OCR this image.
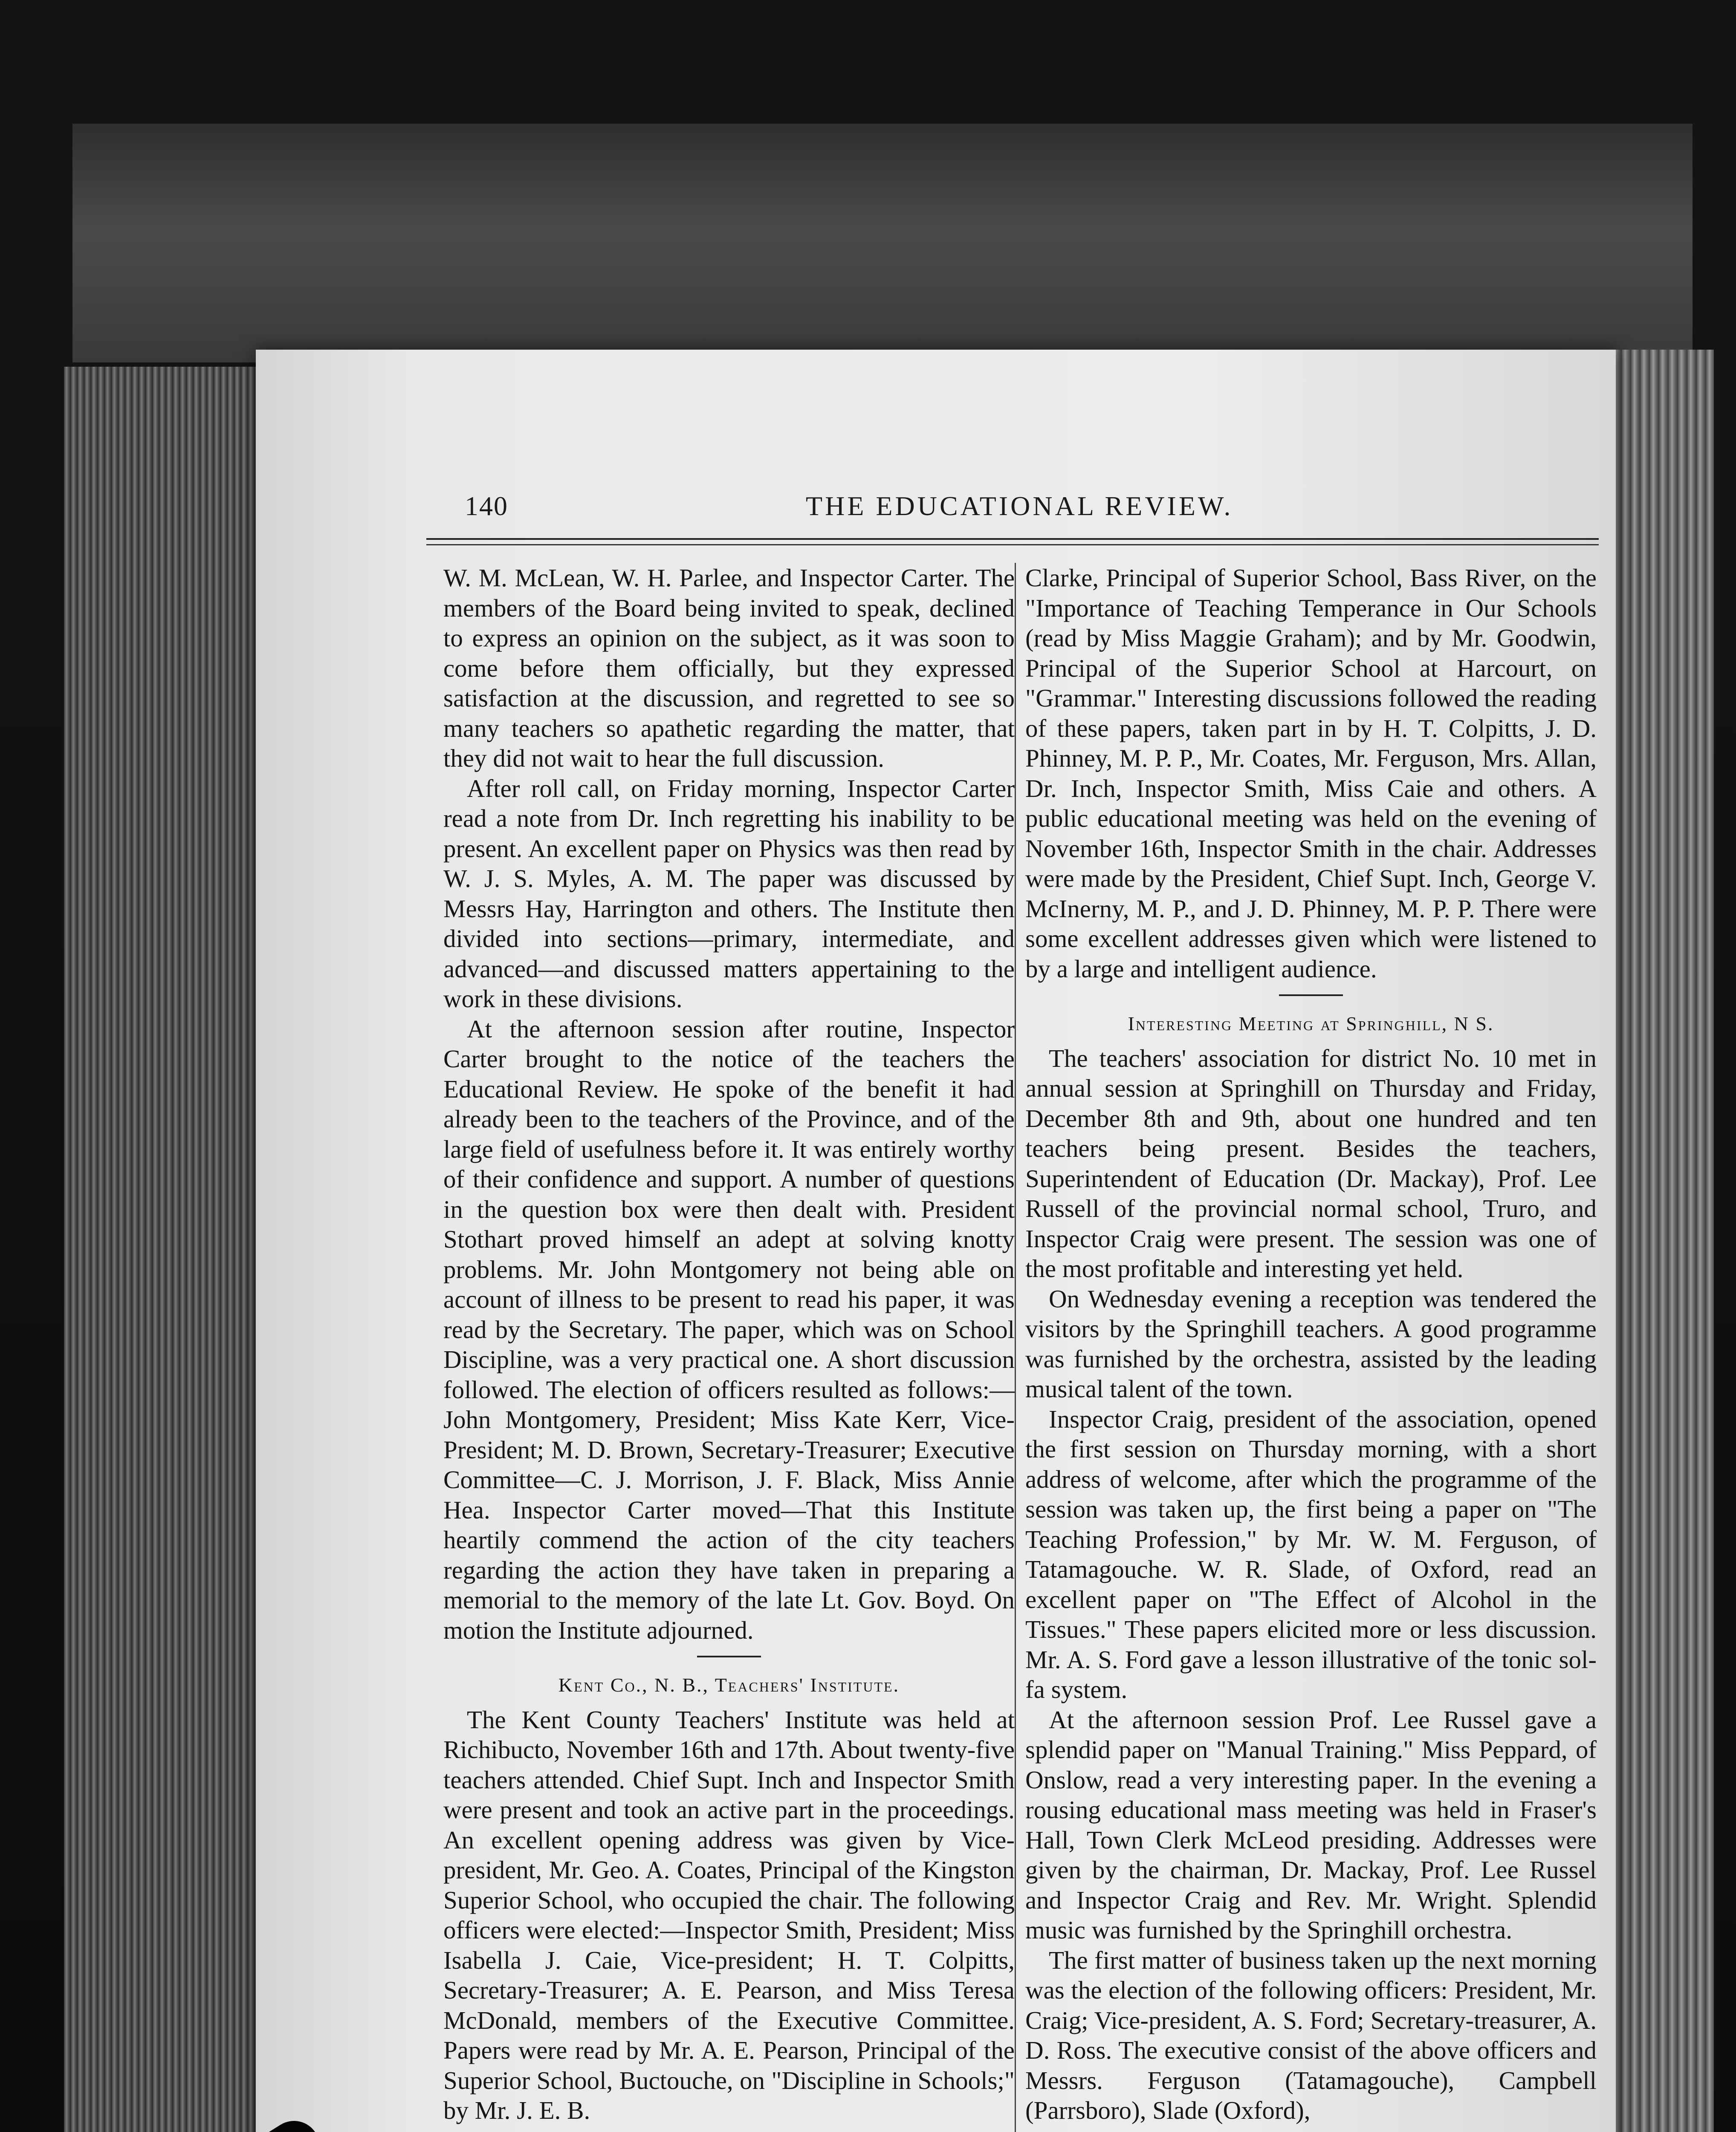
140	THE EDUCATIONAL REVIEW.

W. M. McLean, W. H. Parlee, and Inspector Carter. The members of the Board being invited to speak, declined to express an opinion on the subject, as it was soon to come before them officially, but they expressed satisfaction at the discussion, and regretted to see so many teachers so apathetic regarding the matter, that they did not wait to hear the full discussion.

After roll call, on Friday morning, Inspector Carter read a note from Dr. Inch regretting his inability to be present. An excellent paper on Physics was then read by W. J. S. Myles, A. M. The paper was discussed by Messrs Hay, Harrington and others. The Institute then divided into sections—primary, intermediate, and advanced—and discussed matters appertaining to the work in these divisions.

At the afternoon session after routine, Inspector Carter brought to the notice of the teachers the Educational Review. He spoke of the benefit it had already been to the teachers of the Province, and of the large field of usefulness before it. It was entirely worthy of their confidence and support. A number of questions in the question box were then dealt with. President Stothart proved himself an adept at solving knotty problems. Mr. John Montgomery not being able on account of illness to be present to read his paper, it was read by the Secretary. The paper, which was on School Discipline, was a very practical one. A short discussion followed. The election of officers resulted as follows:—John Montgomery, President; Miss Kate Kerr, Vice-President; M. D. Brown, Secretary-Treasurer; Executive Committee—C. J. Morrison, J. F. Black, Miss Annie Hea. Inspector Carter moved—That this Institute heartily commend the action of the city teachers regarding the action they have taken in preparing a memorial to the memory of the late Lt. Gov. Boyd. On motion the Institute adjourned.

Kent Co., N. B., Teachers' Institute.

The Kent County Teachers' Institute was held at Richibucto, November 16th and 17th. About twenty-five teachers attended. Chief Supt. Inch and Inspector Smith were present and took an active part in the proceedings. An excellent opening address was given by Vice-president, Mr. Geo. A. Coates, Principal of the Kingston Superior School, who occupied the chair. The following officers were elected:—Inspector Smith, President; Miss Isabella J. Caie, Vice-president; H. T. Colpitts, Secretary-Treasurer; A. E. Pearson, and Miss Teresa McDonald, members of the Executive Committee. Papers were read by Mr. A. E. Pearson, Principal of the Superior School, Buctouche, on "Discipline in Schools;" by Mr. J. E. B.

Clarke, Principal of Superior School, Bass River, on the "Importance of Teaching Temperance in Our Schools (read by Miss Maggie Graham); and by Mr. Goodwin, Principal of the Superior School at Harcourt, on "Grammar." Interesting discussions followed the reading of these papers, taken part in by H. T. Colpitts, J. D. Phinney, M. P. P., Mr. Coates, Mr. Ferguson, Mrs. Allan, Dr. Inch, Inspector Smith, Miss Caie and others. A public educational meeting was held on the evening of November 16th, Inspector Smith in the chair. Addresses were made by the President, Chief Supt. Inch, George V. McInerny, M. P., and J. D. Phinney, M. P. P. There were some excellent addresses given which were listened to by a large and intelligent audience.

Interesting Meeting at Springhill, N S.

The teachers' association for district No. 10 met in annual session at Springhill on Thursday and Friday, December 8th and 9th, about one hundred and ten teachers being present. Besides the teachers, Superintendent of Education (Dr. Mackay), Prof. Lee Russell of the provincial normal school, Truro, and Inspector Craig were present. The session was one of the most profitable and interesting yet held.

On Wednesday evening a reception was tendered the visitors by the Springhill teachers. A good programme was furnished by the orchestra, assisted by the leading musical talent of the town.

Inspector Craig, president of the association, opened the first session on Thursday morning, with a short address of welcome, after which the programme of the session was taken up, the first being a paper on "The Teaching Profession," by Mr. W. M. Ferguson, of Tatamagouche. W. R. Slade, of Oxford, read an excellent paper on "The Effect of Alcohol in the Tissues." These papers elicited more or less discussion. Mr. A. S. Ford gave a lesson illustrative of the tonic sol-fa system.

At the afternoon session Prof. Lee Russel gave a splendid paper on "Manual Training." Miss Peppard, of Onslow, read a very interesting paper. In the evening a rousing educational mass meeting was held in Fraser's Hall, Town Clerk McLeod presiding. Addresses were given by the chairman, Dr. Mackay, Prof. Lee Russel and Inspector Craig and Rev. Mr. Wright. Splendid music was furnished by the Springhill orchestra.

The first matter of business taken up the next morning was the election of the following officers: President, Mr. Craig; Vice-president, A. S. Ford; Secretary-treasurer, A. D. Ross. The executive consist of the above officers and Messrs. Ferguson (Tatamagouche), Campbell (Parrsboro), Slade (Oxford),
